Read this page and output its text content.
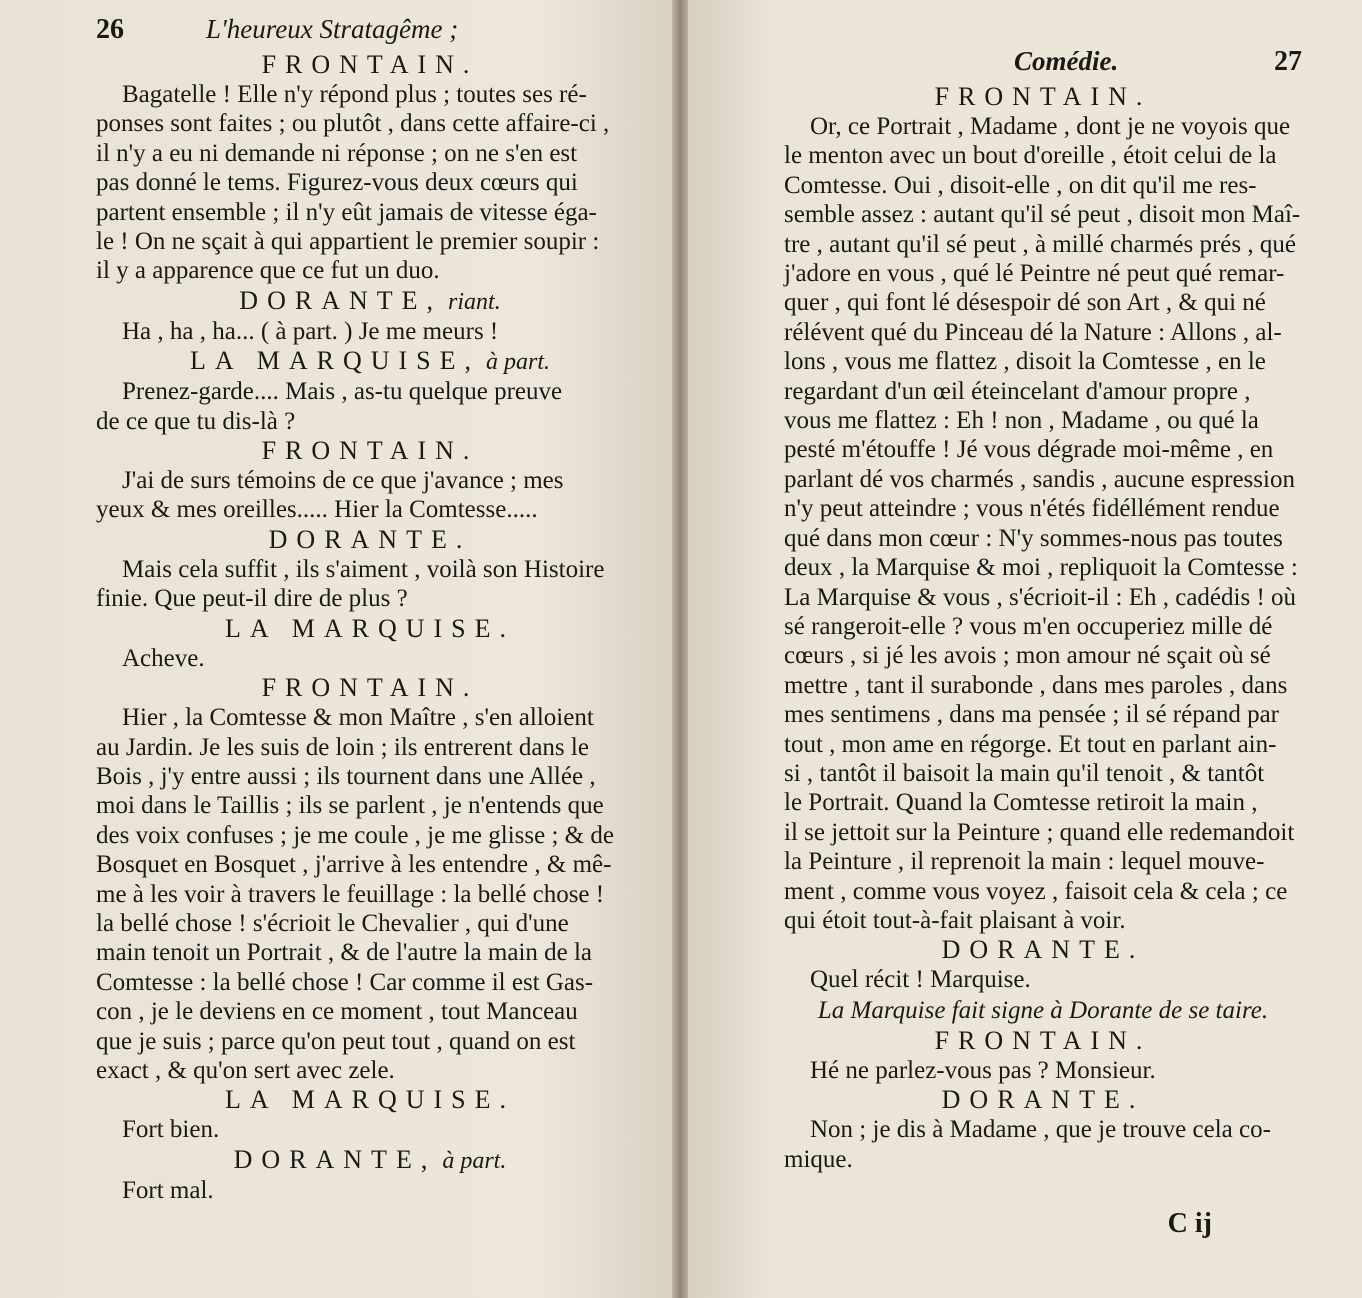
26	L'heureux Stratagême ;
FRONTAIN.
Bagatelle ! Elle n'y répond plus ; toutes ses ré-
ponses sont faites ; ou plutôt , dans cette affaire-ci ,
il n'y a eu ni demande ni réponse ; on ne s'en est
pas donné le tems. Figurez-vous deux cœurs qui
partent ensemble ; il n'y eût jamais de vitesse éga-
le ! On ne sçait à qui appartient le premier soupir :
il y a apparence que ce fut un duo.
DORANTE, riant.
Ha , ha , ha... ( à part. ) Je me meurs !
LA MARQUISE, à part.
Prenez-garde.... Mais , as-tu quelque preuve
de ce que tu dis-là ?
FRONTAIN.
J'ai de surs témoins de ce que j'avance ; mes
yeux & mes oreilles..... Hier la Comtesse.....
DORANTE.
Mais cela suffit , ils s'aiment , voilà son Histoire
finie. Que peut-il dire de plus ?
LA MARQUISE.
Acheve.
FRONTAIN.
Hier , la Comtesse & mon Maître , s'en alloient
au Jardin. Je les suis de loin ; ils entrerent dans le
Bois , j'y entre aussi ; ils tournent dans une Allée ,
moi dans le Taillis ; ils se parlent , je n'entends que
des voix confuses ; je me coule , je me glisse ; & de
Bosquet en Bosquet , j'arrive à les entendre , & mê-
me à les voir à travers le feuillage : la bellé chose !
la bellé chose ! s'écrioit le Chevalier , qui d'une
main tenoit un Portrait , & de l'autre la main de la
Comtesse : la bellé chose ! Car comme il est Gas-
con , je le deviens en ce moment , tout Manceau
que je suis ; parce qu'on peut tout , quand on est
exact , & qu'on sert avec zele.
LA MARQUISE.
Fort bien.
DORANTE, à part.
Fort mal.
Comédie.	27
FRONTAIN.
Or, ce Portrait , Madame , dont je ne voyois que
le menton avec un bout d'oreille , étoit celui de la
Comtesse. Oui , disoit-elle , on dit qu'il me res-
semble assez : autant qu'il sé peut , disoit mon Maî-
tre , autant qu'il sé peut , à millé charmés prés , qué
j'adore en vous , qué lé Peintre né peut qué remar-
quer , qui font lé désespoir dé son Art , & qui né
rélévent qué du Pinceau dé la Nature : Allons , al-
lons , vous me flattez , disoit la Comtesse , en le
regardant d'un œil éteincelant d'amour propre ,
vous me flattez : Eh ! non , Madame , ou qué la
pesté m'étouffe ! Jé vous dégrade moi-même , en
parlant dé vos charmés , sandis , aucune espression
n'y peut atteindre ; vous n'étés fidéllément rendue
qué dans mon cœur : N'y sommes-nous pas toutes
deux , la Marquise & moi , repliquoit la Comtesse :
La Marquise & vous , s'écrioit-il : Eh , cadédis ! où
sé rangeroit-elle ? vous m'en occuperiez mille dé
cœurs , si jé les avois ; mon amour né sçait où sé
mettre , tant il surabonde , dans mes paroles , dans
mes sentimens , dans ma pensée ; il sé répand par
tout , mon ame en régorge. Et tout en parlant ain-
si , tantôt il baisoit la main qu'il tenoit , & tantôt
le Portrait. Quand la Comtesse retiroit la main ,
il se jettoit sur la Peinture ; quand elle redemandoit
la Peinture , il reprenoit la main : lequel mouve-
ment , comme vous voyez , faisoit cela & cela ; ce
qui étoit tout-à-fait plaisant à voir.
DORANTE.
Quel récit ! Marquise.
La Marquise fait signe à Dorante de se taire.
FRONTAIN.
Hé ne parlez-vous pas ? Monsieur.
DORANTE.
Non ; je dis à Madame , que je trouve cela co-
mique.
C ij
